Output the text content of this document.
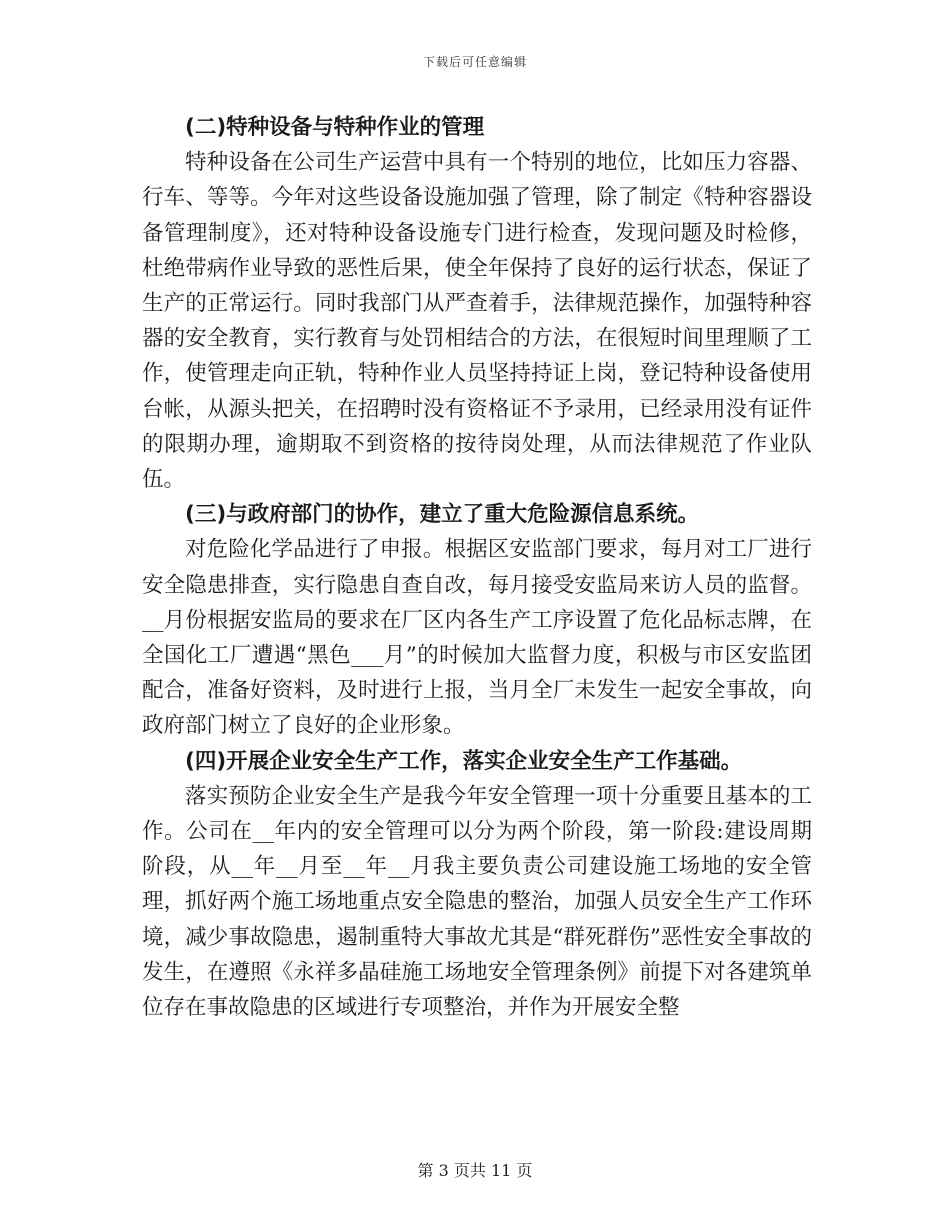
下载后可任意编辑
(二)特种设备与特种作业的管理

特种设备在公司生产运营中具有一个特别的地位，比如压力容器、行车、等等。今年对这些设备设施加强了管理，除了制定《特种容器设备管理制度》，还对特种设备设施专门进行检查，发现问题及时检修，杜绝带病作业导致的恶性后果，使全年保持了良好的运行状态，保证了生产的正常运行。同时我部门从严查着手，法律规范操作，加强特种容器的安全教育，实行教育与处罚相结合的方法，在很短时间里理顺了工作，使管理走向正轨，特种作业人员坚持持证上岗，登记特种设备使用台帐，从源头把关，在招聘时没有资格证不予录用，已经录用没有证件的限期办理，逾期取不到资格的按待岗处理，从而法律规范了作业队伍。

(三)与政府部门的协作，建立了重大危险源信息系统。

对危险化学品进行了申报。根据区安监部门要求，每月对工厂进行安全隐患排查，实行隐患自查自改，每月接受安监局来访人员的监督。__月份根据安监局的要求在厂区内各生产工序设置了危化品标志牌，在全国化工厂遭遇“黑色___月”的时候加大监督力度，积极与市区安监团配合，准备好资料，及时进行上报，当月全厂未发生一起安全事故，向政府部门树立了良好的企业形象。

(四)开展企业安全生产工作，落实企业安全生产工作基础。

落实预防企业安全生产是我今年安全管理一项十分重要且基本的工作。公司在__年内的安全管理可以分为两个阶段，第一阶段:建设周期阶段，从__年__月至__年__月我主要负责公司建设施工场地的安全管理，抓好两个施工场地重点安全隐患的整治，加强人员安全生产工作环境，减少事故隐患，遏制重特大事故尤其是“群死群伤”恶性安全事故的发生，在遵照《永祥多晶硅施工场地安全管理条例》前提下对各建筑单位存在事故隐患的区域进行专项整治，并作为开展安全整

第 3 页共 11 页
